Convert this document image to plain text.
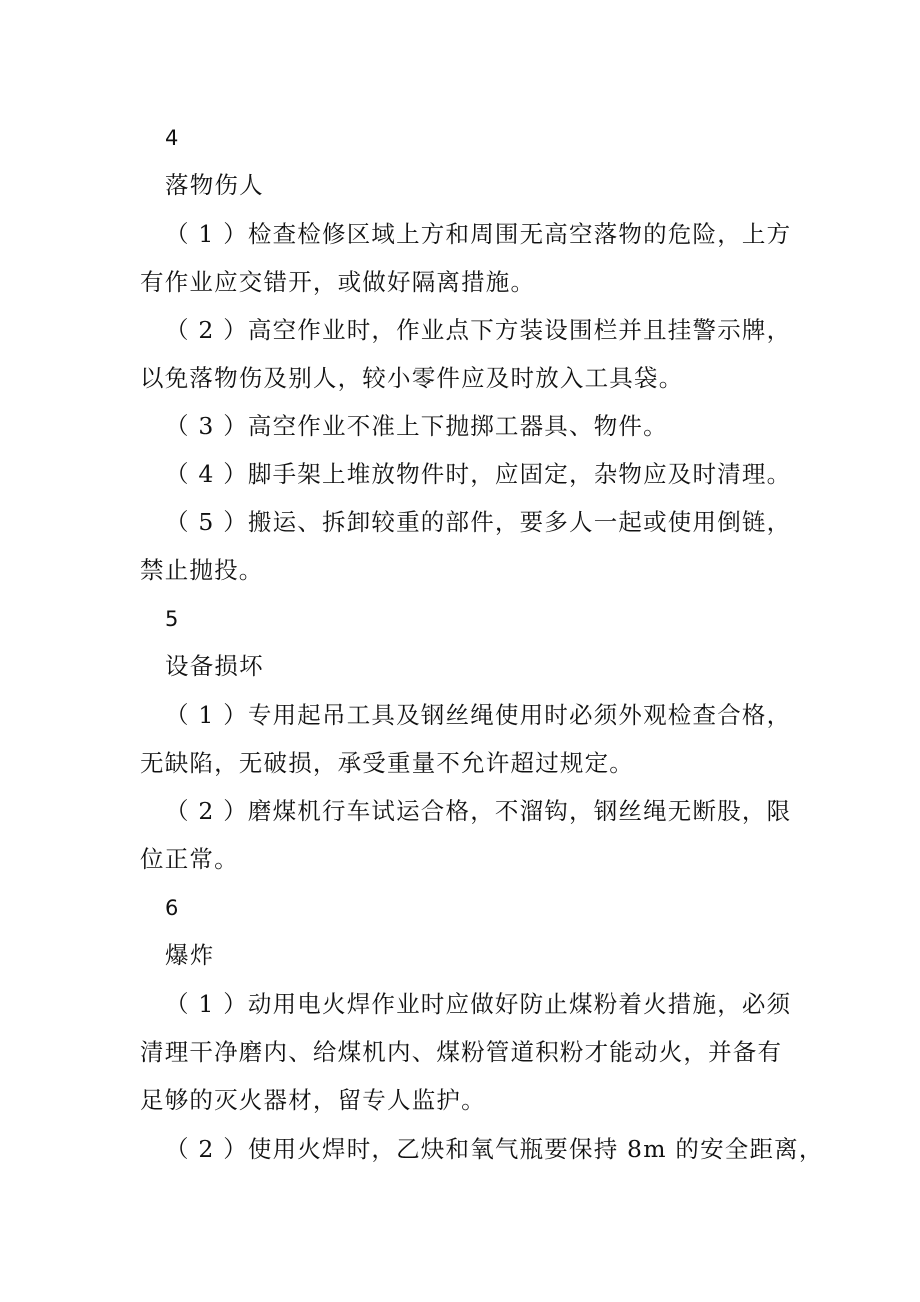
4
落物伤人
（ 1 ）检查检修区域上方和周围无高空落物的危险，上方
有作业应交错开，或做好隔离措施。
（ 2 ）高空作业时，作业点下方装设围栏并且挂警示牌，
以免落物伤及别人，较小零件应及时放入工具袋。
（ 3 ）高空作业不准上下抛掷工器具、物件。
（ 4 ）脚手架上堆放物件时，应固定，杂物应及时清理。
（ 5 ）搬运、拆卸较重的部件，要多人一起或使用倒链，
禁止抛投。
5
设备损坏
（ 1 ）专用起吊工具及钢丝绳使用时必须外观检查合格，
无缺陷，无破损，承受重量不允许超过规定。
（ 2 ）磨煤机行车试运合格，不溜钩，钢丝绳无断股，限
位正常。
6
爆炸
（ 1 ）动用电火焊作业时应做好防止煤粉着火措施，必须
清理干净磨内、给煤机内、煤粉管道积粉才能动火，并备有
足够的灭火器材，留专人监护。
（ 2 ）使用火焊时，乙炔和氧气瓶要保持 8m 的安全距离，
